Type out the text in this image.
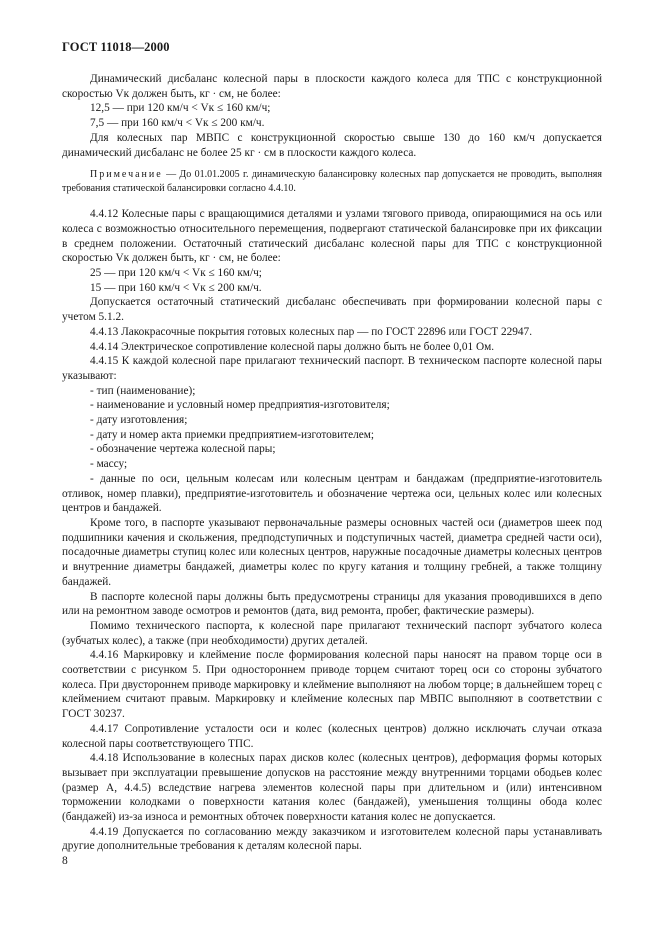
ГОСТ 11018—2000

Динамический дисбаланс колесной пары в плоскости каждого колеса для ТПС с конструкционной скоростью Vк должен быть, кг · см, не более:

12,5 — при 120 км/ч < Vк ≤ 160 км/ч;

7,5 — при 160 км/ч < Vк ≤ 200 км/ч.

Для колесных пар МВПС с конструкционной скоростью свыше 130 до 160 км/ч допускается динамический дисбаланс не более 25 кг · см в плоскости каждого колеса.

Примечание — До 01.01.2005 г. динамическую балансировку колесных пар допускается не проводить, выполняя требования статической балансировки согласно 4.4.10.

4.4.12 Колесные пары с вращающимися деталями и узлами тягового привода, опирающимися на ось или колеса с возможностью относительного перемещения, подвергают статической балансировке при их фиксации в среднем положении. Остаточный статический дисбаланс колесной пары для ТПС с конструкционной скоростью Vк должен быть, кг · см, не более:

25 — при 120 км/ч < Vк ≤ 160 км/ч;

15 — при 160 км/ч < Vк ≤ 200 км/ч.

Допускается остаточный статический дисбаланс обеспечивать при формировании колесной пары с учетом 5.1.2.

4.4.13 Лакокрасочные покрытия готовых колесных пар — по ГОСТ 22896 или ГОСТ 22947.

4.4.14 Электрическое сопротивление колесной пары должно быть не более 0,01 Ом.

4.4.15 К каждой колесной паре прилагают технический паспорт. В техническом паспорте колесной пары указывают:

- тип (наименование);

- наименование и условный номер предприятия-изготовителя;

- дату изготовления;

- дату и номер акта приемки предприятием-изготовителем;

- обозначение чертежа колесной пары;

- массу;

- данные по оси, цельным колесам или колесным центрам и бандажам (предприятие-изготовитель отливок, номер плавки), предприятие-изготовитель и обозначение чертежа оси, цельных колес или колесных центров и бандажей.

Кроме того, в паспорте указывают первоначальные размеры основных частей оси (диаметров шеек под подшипники качения и скольжения, предподступичных и подступичных частей, диаметра средней части оси), посадочные диаметры ступиц колес или колесных центров, наружные посадочные диаметры колесных центров и внутренние диаметры бандажей, диаметры колес по кругу катания и толщину гребней, а также толщину бандажей.

В паспорте колесной пары должны быть предусмотрены страницы для указания проводившихся в депо или на ремонтном заводе осмотров и ремонтов (дата, вид ремонта, пробег, фактические размеры).

Помимо технического паспорта, к колесной паре прилагают технический паспорт зубчатого колеса (зубчатых колес), а также (при необходимости) других деталей.

4.4.16 Маркировку и клеймение после формирования колесной пары наносят на правом торце оси в соответствии с рисунком 5. При одностороннем приводе торцем считают торец оси со стороны зубчатого колеса. При двустороннем приводе маркировку и клеймение выполняют на любом торце; в дальнейшем торец с клеймением считают правым. Маркировку и клеймение колесных пар МВПС выполняют в соответствии с ГОСТ 30237.

4.4.17 Сопротивление усталости оси и колес (колесных центров) должно исключать случаи отказа колесной пары соответствующего ТПС.

4.4.18 Использование в колесных парах дисков колес (колесных центров), деформация формы которых вызывает при эксплуатации превышение допусков на расстояние между внутренними торцами ободьев колес (размер А, 4.4.5) вследствие нагрева элементов колесной пары при длительном и (или) интенсивном торможении колодками о поверхности катания колес (бандажей), уменьшения толщины обода колес (бандажей) из-за износа и ремонтных обточек поверхности катания колес не допускается.

4.4.19 Допускается по согласованию между заказчиком и изготовителем колесной пары устанавливать другие дополнительные требования к деталям колесной пары.

8
